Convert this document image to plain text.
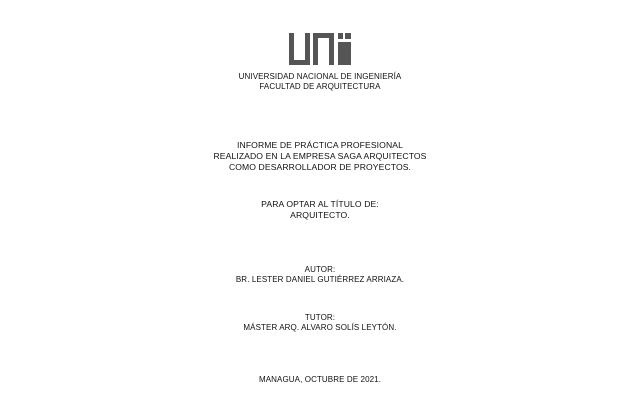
UNIVERSIDAD NACIONAL DE INGENIERÍA
FACULTAD DE ARQUITECTURA
INFORME DE PRÁCTICA PROFESIONAL
REALIZADO EN LA EMPRESA SAGA ARQUITECTOS
COMO DESARROLLADOR DE PROYECTOS.
PARA OPTAR AL TÍTULO DE:
ARQUITECTO.
AUTOR:
BR. LESTER DANIEL GUTIÉRREZ ARRIAZA.
TUTOR:
MÁSTER ARQ. ALVARO SOLÍS LEYTÓN.
MANAGUA, OCTUBRE DE 2021.
